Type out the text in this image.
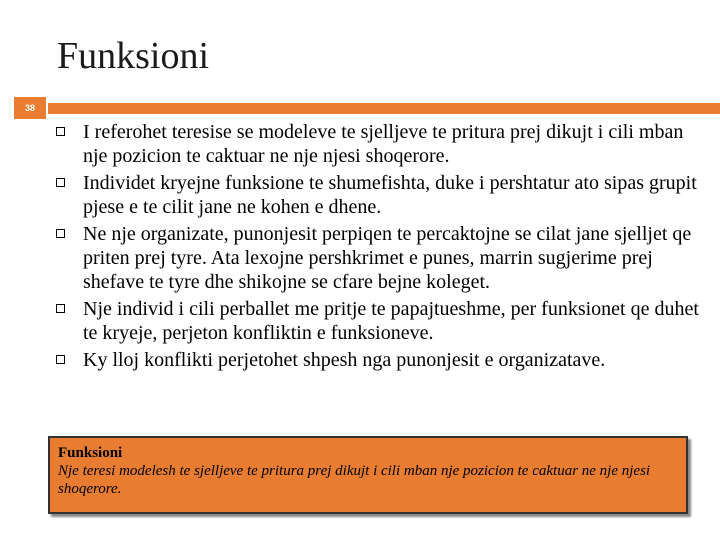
Funksioni
38
I referohet teresise se modeleve te sjelljeve te pritura prej dikujt i cili mban nje pozicion te caktuar ne nje njesi shoqerore.
Individet kryejne funksione te shumefishta, duke i pershtatur ato sipas grupit pjese e te cilit jane ne kohen e dhene.
Ne nje organizate, punonjesit perpiqen te percaktojne se cilat jane sjelljet qe priten prej tyre. Ata lexojne pershkrimet e punes, marrin sugjerime prej shefave te tyre dhe shikojne se cfare bejne koleget.
Nje individ i cili perballet me pritje te papajtueshme, per funksionet qe duhet te kryeje, perjeton konfliktin e funksioneve.
Ky lloj konflikti perjetohet shpesh nga punonjesit e organizatave.
Funksioni
Nje teresi modelesh te sjelljeve te pritura prej dikujt i cili mban nje pozicion te caktuar ne nje njesi shoqerore.
